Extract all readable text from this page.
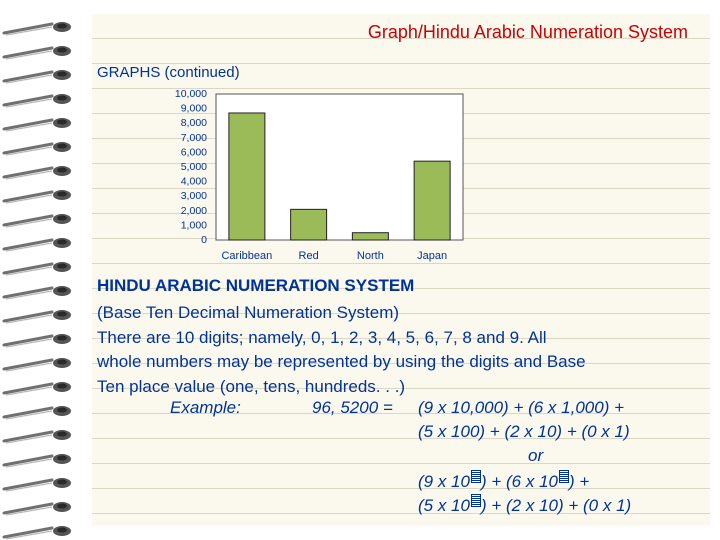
Graph/Hindu Arabic Numeration System
GRAPHS (continued)
0
1,000
2,000
3,000
4,000
5,000
6,000
7,000
8,000
9,000
10,000
Caribbean Red	North	Japan
HINDU ARABIC NUMERATION SYSTEM
(Base Ten Decimal Numeration System)
There are 10 digits; namely, 0, 1, 2, 3, 4, 5, 6, 7, 8 and 9. All
whole numbers may be represented by using the digits and Base
Ten place value (one, tens, hundreds. . .)
Example:	96, 5200 = (9 x 10,000) + (6 x 1,000) +
(5 x 100) + (2 x 10) + (0 x 1)
or
(9 x 10 ) + (6 x 10 ) +
(5 x 10 ) + (2 x 10) + (0 x 1)
